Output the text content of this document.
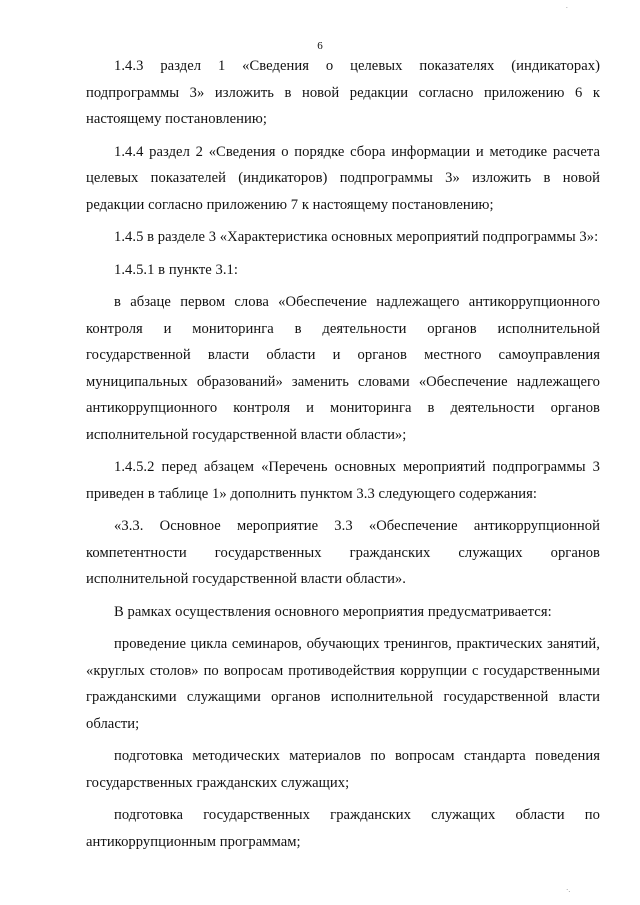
.
6

1.4.3 раздел 1 «Сведения о целевых показателях (индикаторах) подпрограммы 3» изложить в новой редакции согласно приложению 6 к настоящему постановлению;

1.4.4 раздел 2 «Сведения о порядке сбора информации и методике расчета целевых показателей (индикаторов) подпрограммы 3» изложить в новой редакции согласно приложению 7 к настоящему постановлению;

1.4.5 в разделе 3 «Характеристика основных мероприятий подпрограммы 3»:

1.4.5.1 в пункте 3.1:

в абзаце первом слова «Обеспечение надлежащего антикоррупционного контроля и мониторинга в деятельности органов исполнительной государственной власти области и органов местного самоуправления муниципальных образований» заменить словами «Обеспечение надлежащего антикоррупционного контроля и мониторинга в деятельности органов исполнительной государственной власти области»;

1.4.5.2 перед абзацем «Перечень основных мероприятий подпрограммы 3 приведен в таблице 1» дополнить пунктом 3.3 следующего содержания:

«3.3. Основное мероприятие 3.3 «Обеспечение антикоррупционной компетентности государственных гражданских служащих органов исполнительной государственной власти области».

В рамках осуществления основного мероприятия предусматривается:

проведение цикла семинаров, обучающих тренингов, практических занятий, «круглых столов» по вопросам противодействия коррупции с государственными гражданскими служащими органов исполнительной государственной власти области;

подготовка методических материалов по вопросам стандарта поведения государственных гражданских служащих;

подготовка государственных гражданских служащих области по антикоррупционным программам;

·.
